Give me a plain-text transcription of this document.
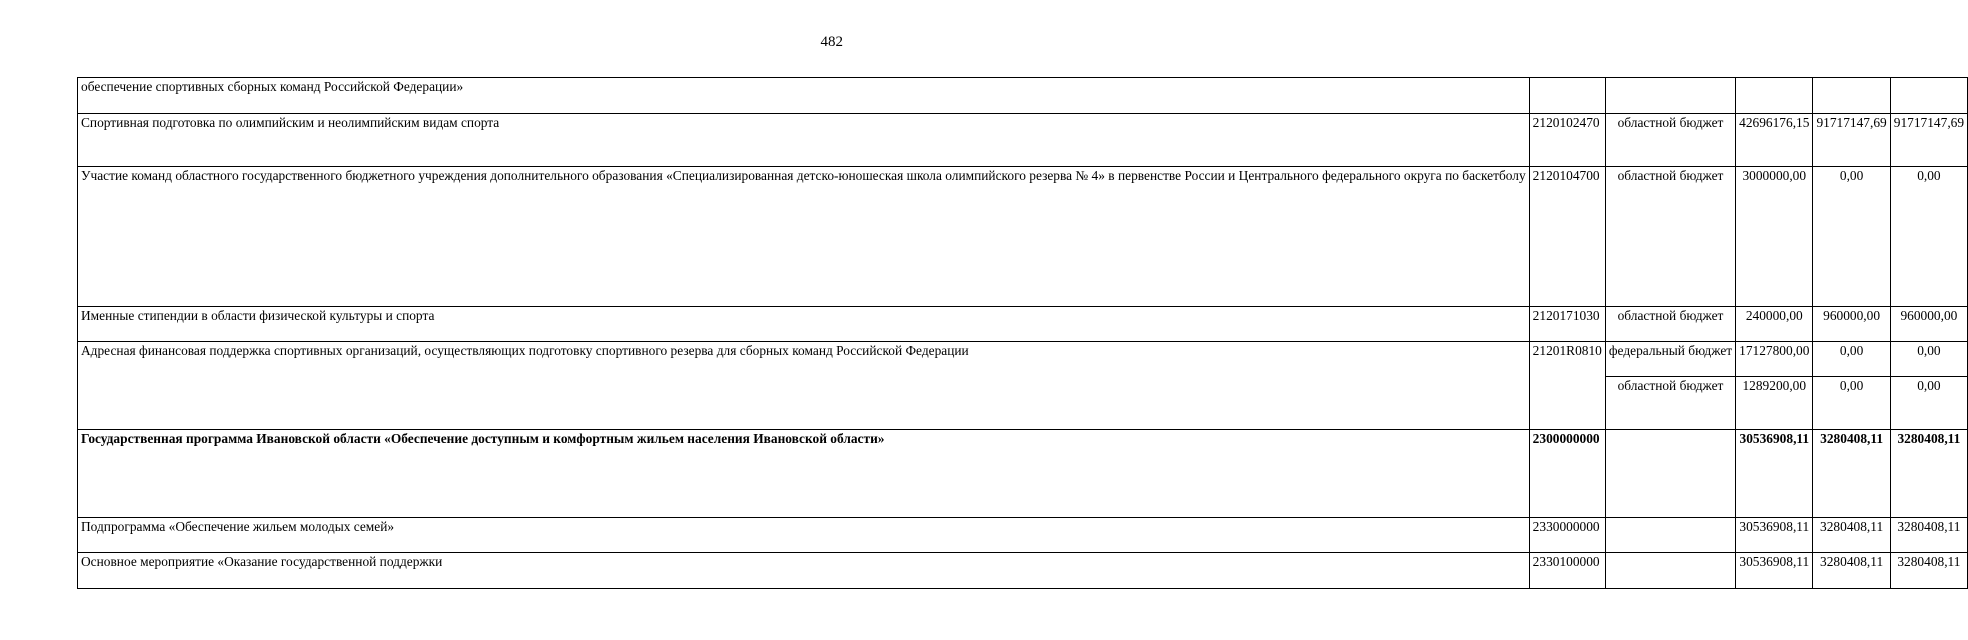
482
обеспечение спортивных сборных команд Российской Федерации»					
Спортивная подготовка по олимпийским и неолимпийским видам спорта	2120102470	областной бюджет	42696176,15	91717147,69	91717147,69
Участие команд областного государственного бюджетного учреждения дополнительного образования «Специализированная детско-юношеская школа олимпийского резерва № 4» в первенстве России и Центрального федерального округа по баскетболу	2120104700	областной бюджет	3000000,00	0,00	0,00
Именные стипендии в области физической культуры и спорта	2120171030	областной бюджет	240000,00	960000,00	960000,00
Адресная финансовая поддержка спортивных организаций, осуществляющих подготовку спортивного резерва для сборных команд Российской Федерации	21201R0810	федеральный бюджет	17127800,00	0,00	0,00
		областной бюджет	1289200,00	0,00	0,00
Государственная программа Ивановской области «Обеспечение доступным и комфортным жильем населения Ивановской области»	2300000000		30536908,11	3280408,11	3280408,11
Подпрограмма «Обеспечение жильем молодых семей»	2330000000		30536908,11	3280408,11	3280408,11
Основное мероприятие «Оказание государственной поддержки	2330100000		30536908,11	3280408,11	3280408,11
